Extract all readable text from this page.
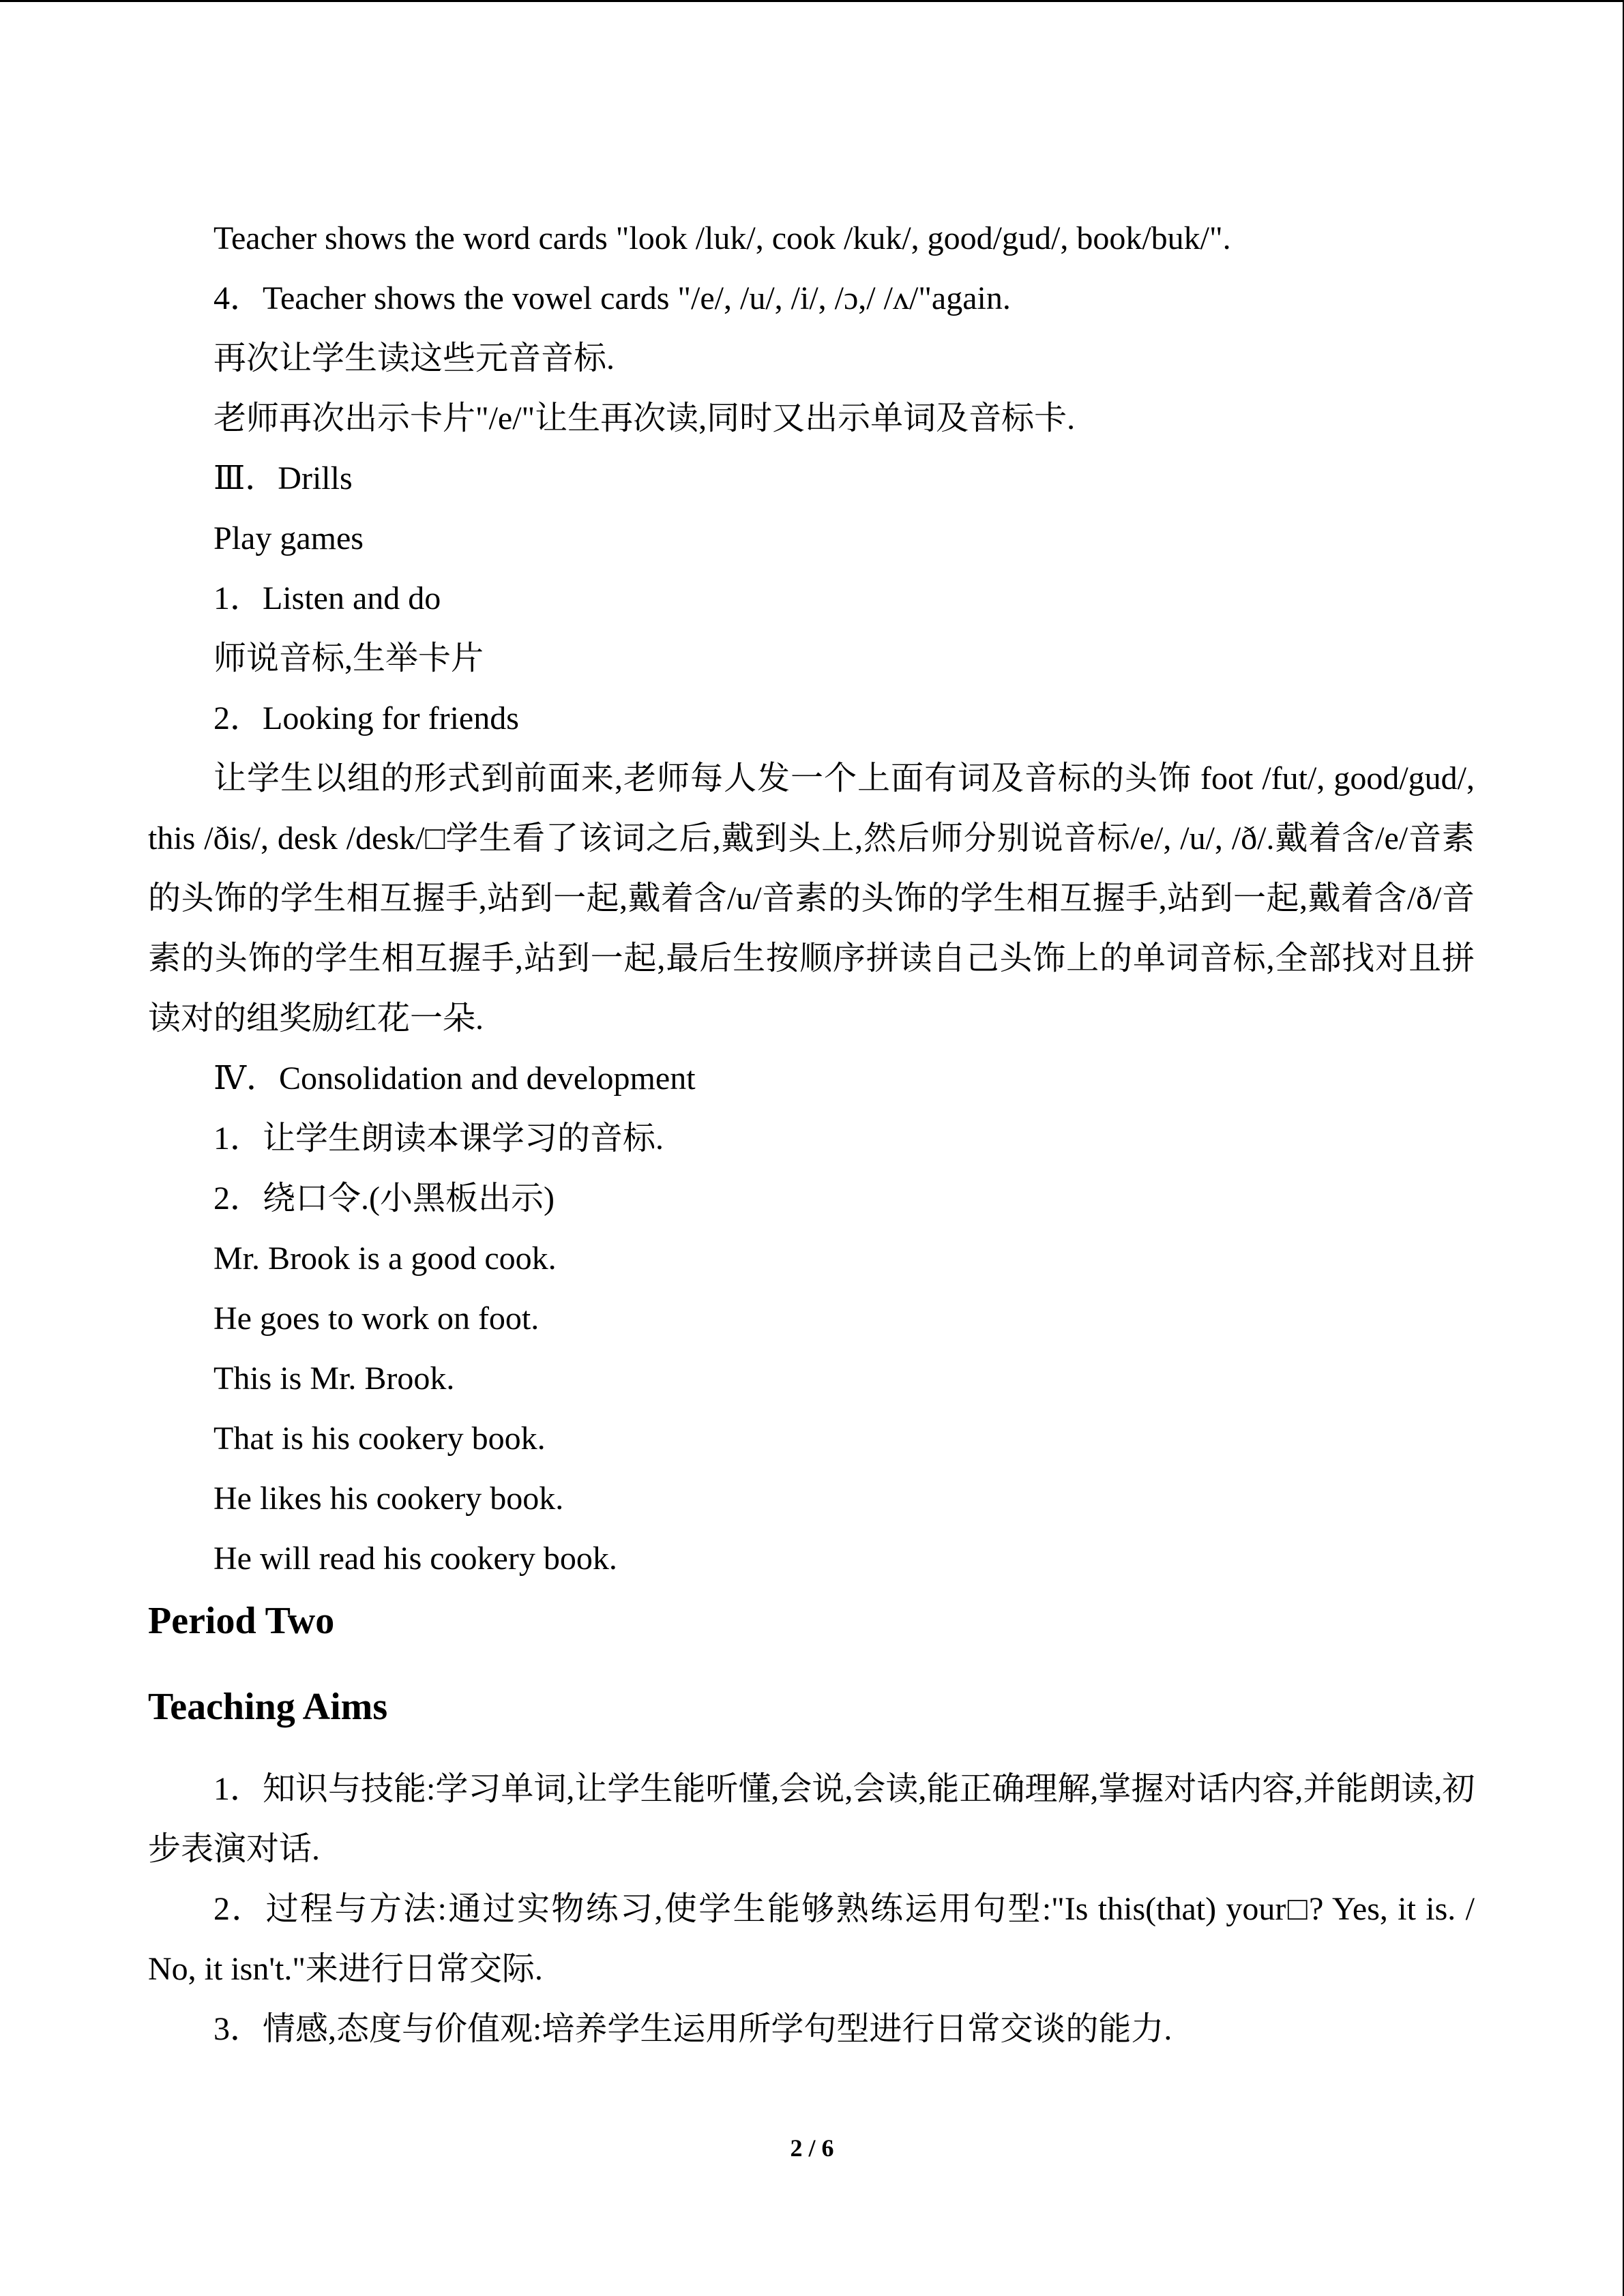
Teacher shows the word cards "look /luk/, cook /kuk/, good/gud/, book/buk/".
4．Teacher shows the vowel cards "/e/, /u/, /i/, /ɔ,/ /ʌ/"again.
再次让学生读这些元音音标.
老师再次出示卡片"/e/"让生再次读,同时又出示单词及音标卡.
Ⅲ．Drills
Play games
1．Listen and do
师说音标,生举卡片
2．Looking for friends
让学生以组的形式到前面来,老师每人发一个上面有词及音标的头饰 foot /fut/, good/gud/,
this /ðis/, desk /desk/□学生看了该词之后,戴到头上,然后师分别说音标/e/, /u/, /ð/.戴着含/e/音素
的头饰的学生相互握手,站到一起,戴着含/u/音素的头饰的学生相互握手,站到一起,戴着含/ð/音
素的头饰的学生相互握手,站到一起,最后生按顺序拼读自己头饰上的单词音标,全部找对且拼
读对的组奖励红花一朵.
Ⅳ．Consolidation and development
1．让学生朗读本课学习的音标.
2．绕口令.(小黑板出示)
Mr. Brook is a good cook.
He goes to work on foot.
This is Mr. Brook.
That is his cookery book.
He likes his cookery book.
He will read his cookery book.
Period Two
Teaching Aims
1．知识与技能:学习单词,让学生能听懂,会说,会读,能正确理解,掌握对话内容,并能朗读,初
步表演对话.
2．过程与方法:通过实物练习,使学生能够熟练运用句型:"Is this(that) your□? Yes, it is. /
No, it isn't."来进行日常交际.
3．情感,态度与价值观:培养学生运用所学句型进行日常交谈的能力.
2 / 6
